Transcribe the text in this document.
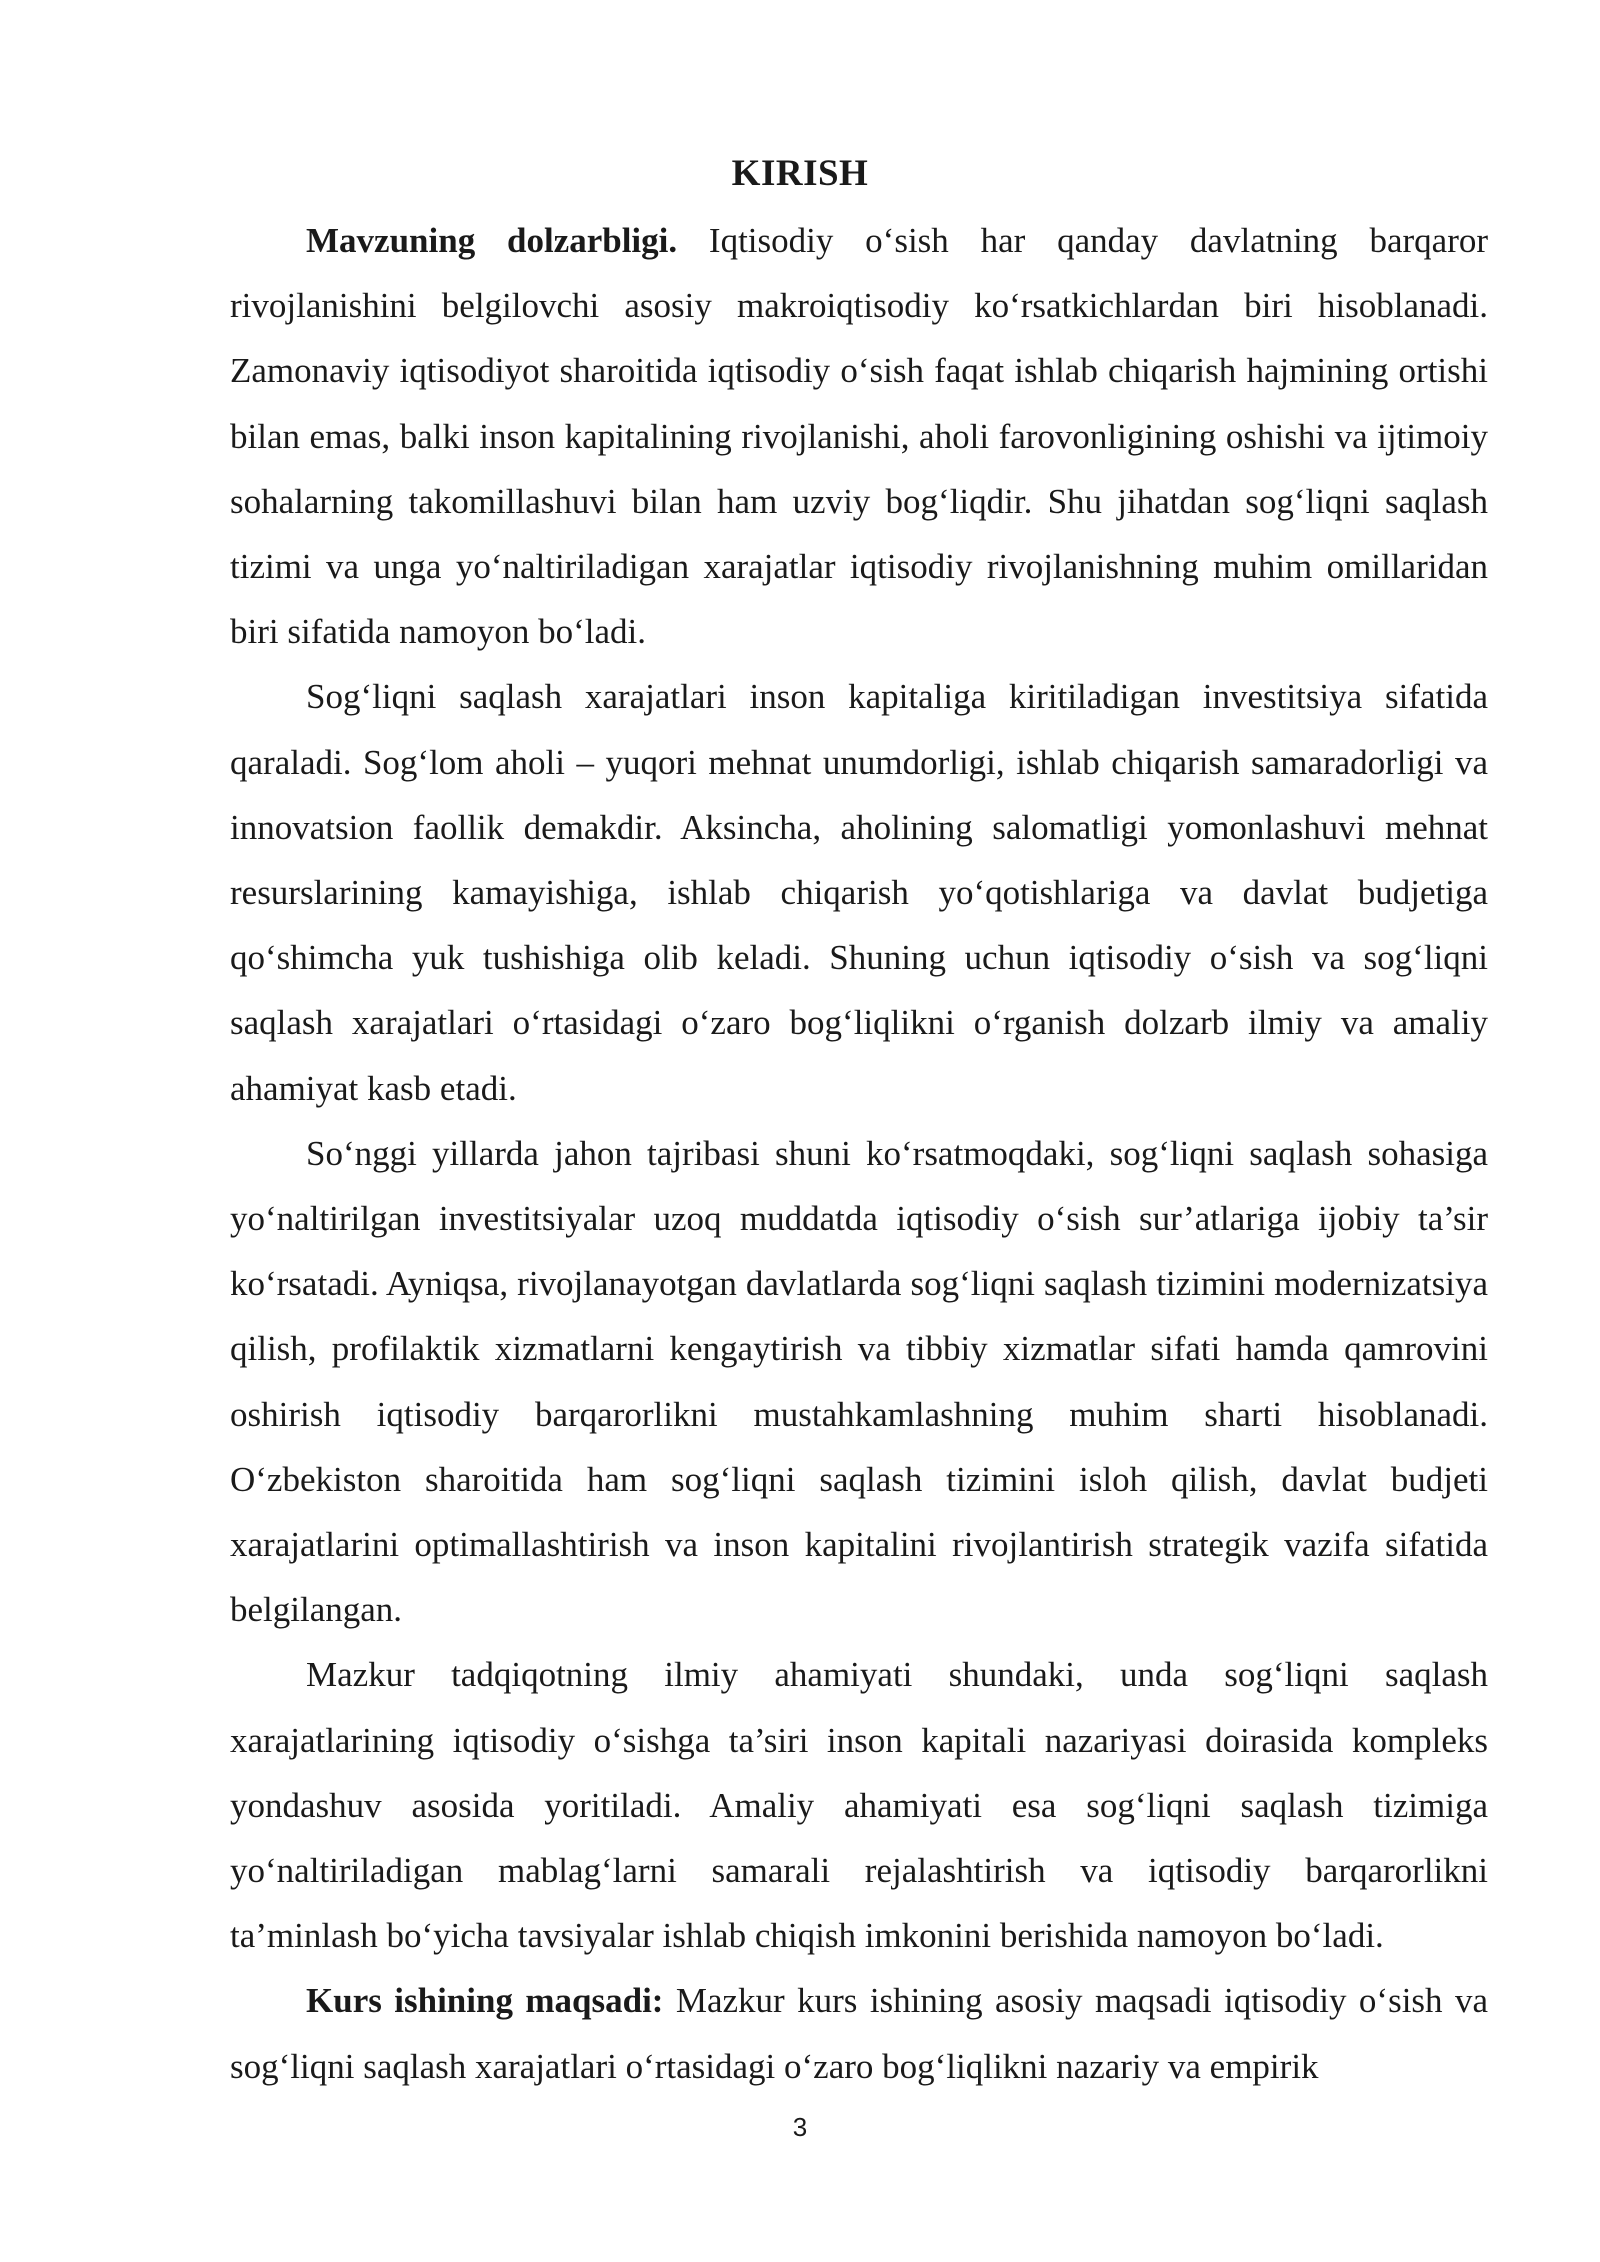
KIRISH

Mavzuning dolzarbligi. Iqtisodiy o‘sish har qanday davlatning barqaror rivojlanishini belgilovchi asosiy makroiqtisodiy ko‘rsatkichlardan biri hisoblanadi. Zamonaviy iqtisodiyot sharoitida iqtisodiy o‘sish faqat ishlab chiqarish hajmining ortishi bilan emas, balki inson kapitalining rivojlanishi, aholi farovonligining oshishi va ijtimoiy sohalarning takomillashuvi bilan ham uzviy bog‘liqdir. Shu jihatdan sog‘liqni saqlash tizimi va unga yo‘naltiriladigan xarajatlar iqtisodiy rivojlanishning muhim omillaridan biri sifatida namoyon bo‘ladi.

Sog‘liqni saqlash xarajatlari inson kapitaliga kiritiladigan investitsiya sifatida qaraladi. Sog‘lom aholi – yuqori mehnat unumdorligi, ishlab chiqarish samaradorligi va innovatsion faollik demakdir. Aksincha, aholining salomatligi yomonlashuvi mehnat resurslarining kamayishiga, ishlab chiqarish yo‘qotishlariga va davlat budjetiga qo‘shimcha yuk tushishiga olib keladi. Shuning uchun iqtisodiy o‘sish va sog‘liqni saqlash xarajatlari o‘rtasidagi o‘zaro bog‘liqlikni o‘rganish dolzarb ilmiy va amaliy ahamiyat kasb etadi.

So‘nggi yillarda jahon tajribasi shuni ko‘rsatmoqdaki, sog‘liqni saqlash sohasiga yo‘naltirilgan investitsiyalar uzoq muddatda iqtisodiy o‘sish sur’atlariga ijobiy ta’sir ko‘rsatadi. Ayniqsa, rivojlanayotgan davlatlarda sog‘liqni saqlash tizimini modernizatsiya qilish, profilaktik xizmatlarni kengaytirish va tibbiy xizmatlar sifati hamda qamrovini oshirish iqtisodiy barqarorlikni mustahkamlashning muhim sharti hisoblanadi. O‘zbekiston sharoitida ham sog‘liqni saqlash tizimini isloh qilish, davlat budjeti xarajatlarini optimallashtirish va inson kapitalini rivojlantirish strategik vazifa sifatida belgilangan.

Mazkur tadqiqotning ilmiy ahamiyati shundaki, unda sog‘liqni saqlash xarajatlarining iqtisodiy o‘sishga ta’siri inson kapitali nazariyasi doirasida kompleks yondashuv asosida yoritiladi. Amaliy ahamiyati esa sog‘liqni saqlash tizimiga yo‘naltiriladigan mablag‘larni samarali rejalashtirish va iqtisodiy barqarorlikni ta’minlash bo‘yicha tavsiyalar ishlab chiqish imkonini berishida namoyon bo‘ladi.

Kurs ishining maqsadi: Mazkur kurs ishining asosiy maqsadi iqtisodiy o‘sish va sog‘liqni saqlash xarajatlari o‘rtasidagi o‘zaro bog‘liqlikni nazariy va empirik

3
